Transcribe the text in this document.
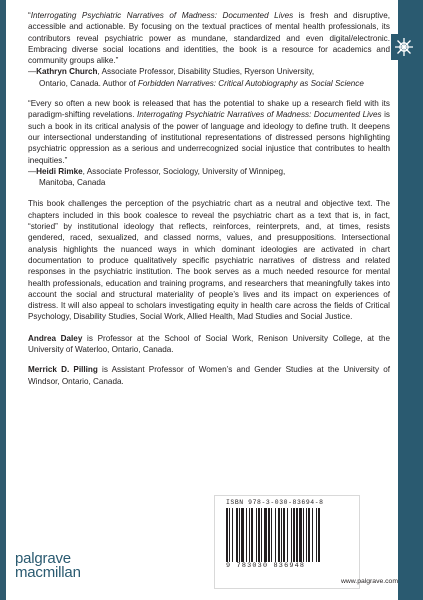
“Interrogating Psychiatric Narratives of Madness: Documented Lives is fresh and disruptive, accessible and actionable. By focusing on the textual practices of mental health professionals, its contributors reveal psychiatric power as mundane, standardized and even digital/electronic. Embracing diverse social locations and identities, the book is a resource for academics and community groups alike.”

—Kathryn Church, Associate Professor, Disability Studies, Ryerson University,
Ontario, Canada. Author of Forbidden Narratives: Critical Autobiography as Social Science

“Every so often a new book is released that has the potential to shake up a research field with its paradigm-shifting revelations. Interrogating Psychiatric Narratives of Madness: Documented Lives is such a book in its critical analysis of the power of language and ideology to define truth. It deepens our intersectional understanding of institutional representations of distressed persons highlighting psychiatric oppression as a serious and underrecognized social injustice that contributes to health inequities.”

—Heidi Rimke, Associate Professor, Sociology, University of Winnipeg,
Manitoba, Canada

This book challenges the perception of the psychiatric chart as a neutral and objective text. The chapters included in this book coalesce to reveal the psychiatric chart as a text that is, in fact, “storied” by institutional ideology that reflects, reinforces, reinterprets, and, at times, resists gendered, raced, sexualized, and classed norms, values, and presuppositions. Intersectional analysis highlights the nuanced ways in which dominant ideologies are activated in chart documentation to produce qualitatively specific psychiatric narratives of distress and related responses in the psychiatric institution. The book serves as a much needed resource for mental health professionals, education and training programs, and researchers that meaningfully takes into account the social and structural materiality of people’s lives and its impact on experiences of distress. It will also appeal to scholars investigating equity in health care across the fields of Critical Psychology, Disability Studies, Social Work, Allied Health, Mad Studies and Social Justice.

Andrea Daley is Professor at the School of Social Work, Renison University College, at the University of Waterloo, Ontario, Canada.

Merrick D. Pilling is Assistant Professor of Women’s and Gender Studies at the University of Windsor, Ontario, Canada.

ISBN 978-3-030-83694-8
9 783030 836948
www.palgrave.com
palgrave
macmillan
